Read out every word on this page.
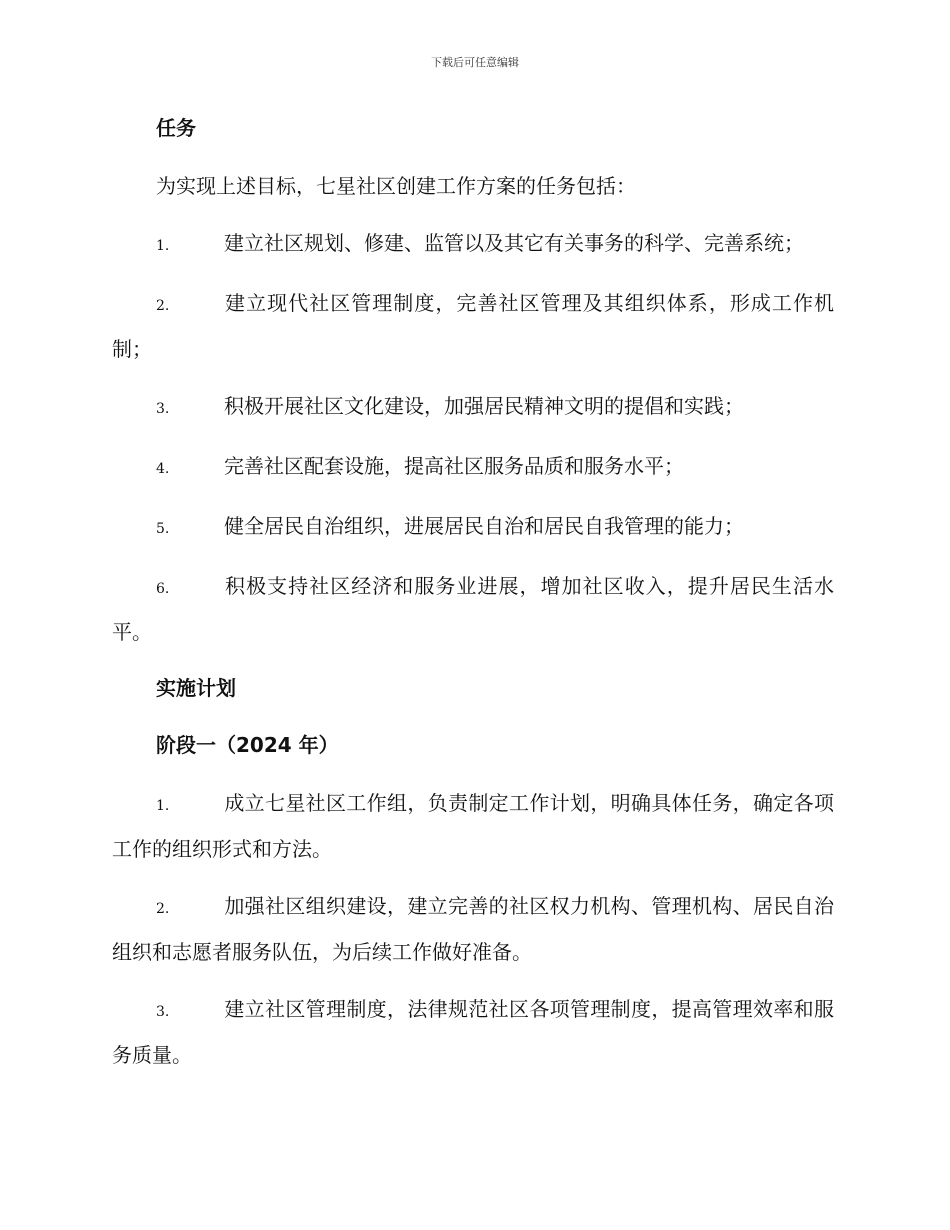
下载后可任意编辑
任务
为实现上述目标，七星社区创建工作方案的任务包括：
1.	建立社区规划、修建、监管以及其它有关事务的科学、完善系统；
2.	建立现代社区管理制度，完善社区管理及其组织体系，形成工作机制；
3.	积极开展社区文化建设，加强居民精神文明的提倡和实践；
4.	完善社区配套设施，提高社区服务品质和服务水平；
5.	健全居民自治组织，进展居民自治和居民自我管理的能力；
6.	积极支持社区经济和服务业进展，增加社区收入，提升居民生活水平。
实施计划
阶段一（2024 年）
1.	成立七星社区工作组，负责制定工作计划，明确具体任务，确定各项工作的组织形式和方法。
2.	加强社区组织建设，建立完善的社区权力机构、管理机构、居民自治组织和志愿者服务队伍，为后续工作做好准备。
3.	建立社区管理制度，法律规范社区各项管理制度，提高管理效率和服务质量。
